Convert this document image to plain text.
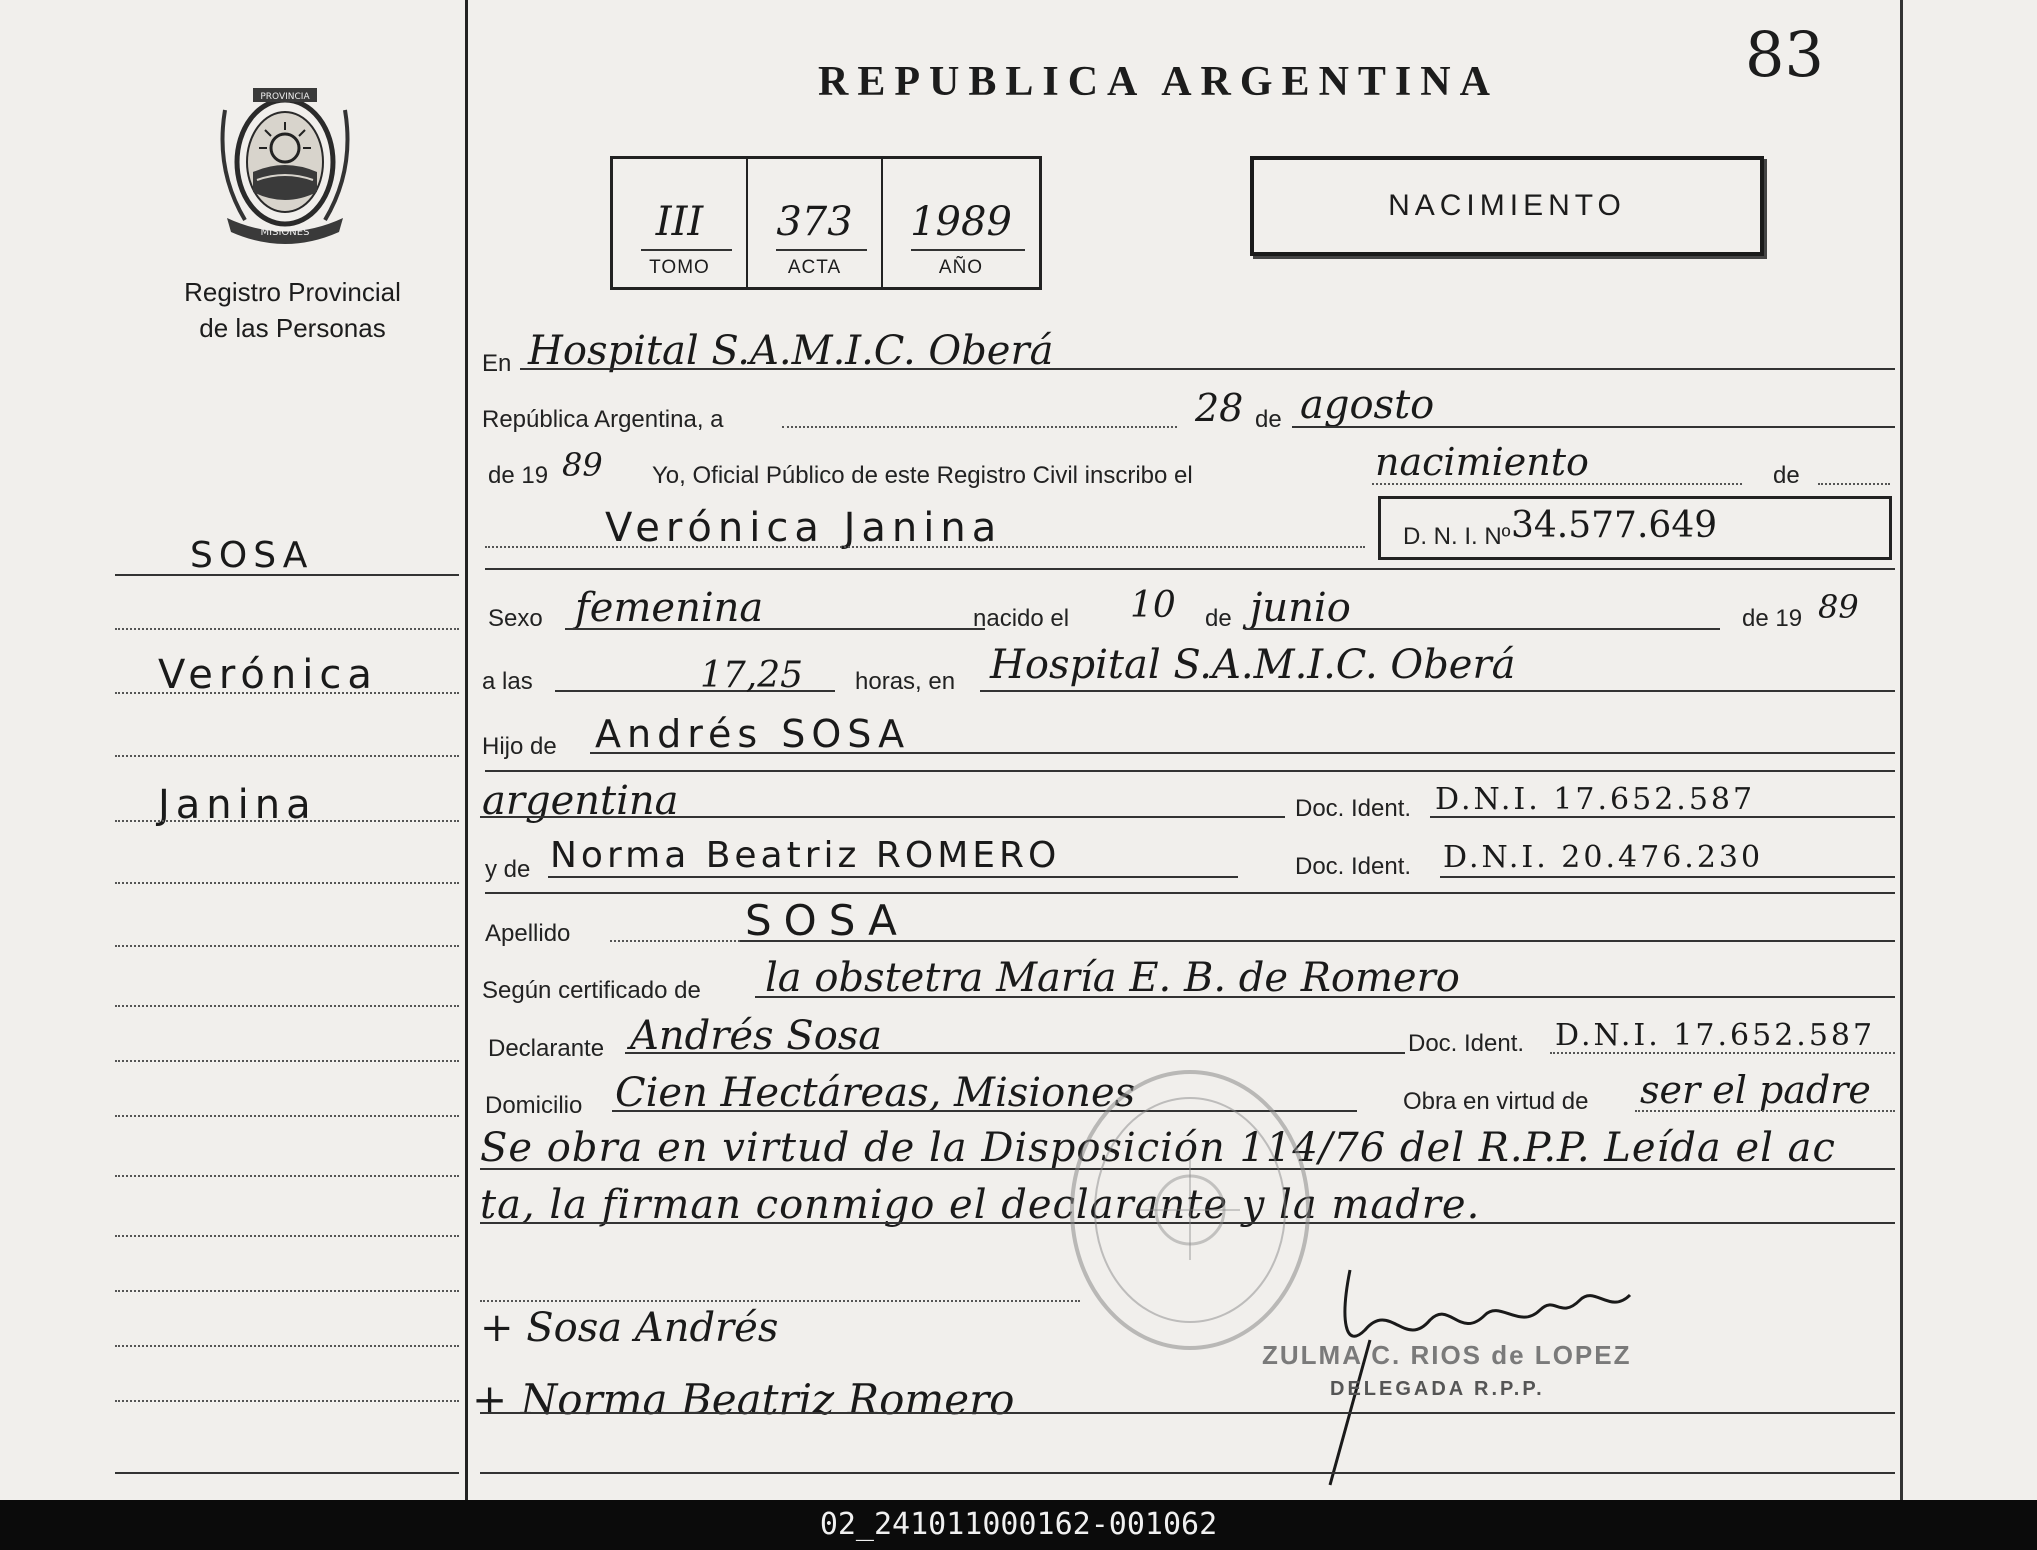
83
REPUBLICA ARGENTINA
PROVINCIA
MISIONES
Registro Provincial
de las Personas
III
TOMO
373
ACTA
1989
AÑO
NACIMIENTO
SOSA
Verónica
Janina
En Hospital S.A.M.I.C. Oberá
República Argentina, a	28 de agosto
de 19 89 Yo, Oficial Público de este Registro Civil inscribo el	nacimiento	de
Verónica Janina	D. N. I. Nº 34.577.649
Sexo femenina	nacido el 10 de junio	de 19 89
a las	17,25 horas, en Hospital S.A.M.I.C. Oberá
Hijo de Andrés SOSA
argentina	Doc. Ident. D.N.I. 17.652.587
y de Norma Beatriz ROMERO	Doc. Ident. D.N.I. 20.476.230
Apellido	SOSA
Según certificado de la obstetra María E. B. de Romero
Declarante Andrés Sosa	Doc. Ident. D.N.I. 17.652.587
Domicilio Cien Hectáreas, Misiones	Obra en virtud de ser el padre
Se obra en virtud de la Disposición 114/76 del R.P.P. Leída el ac
ta, la firman conmigo el declarante y la madre.
+ Sosa Andrés
+ Norma Beatriz Romero
ZULMA C. RIOS de LOPEZ
DELEGADA R.P.P.
02_241011000162-001062
